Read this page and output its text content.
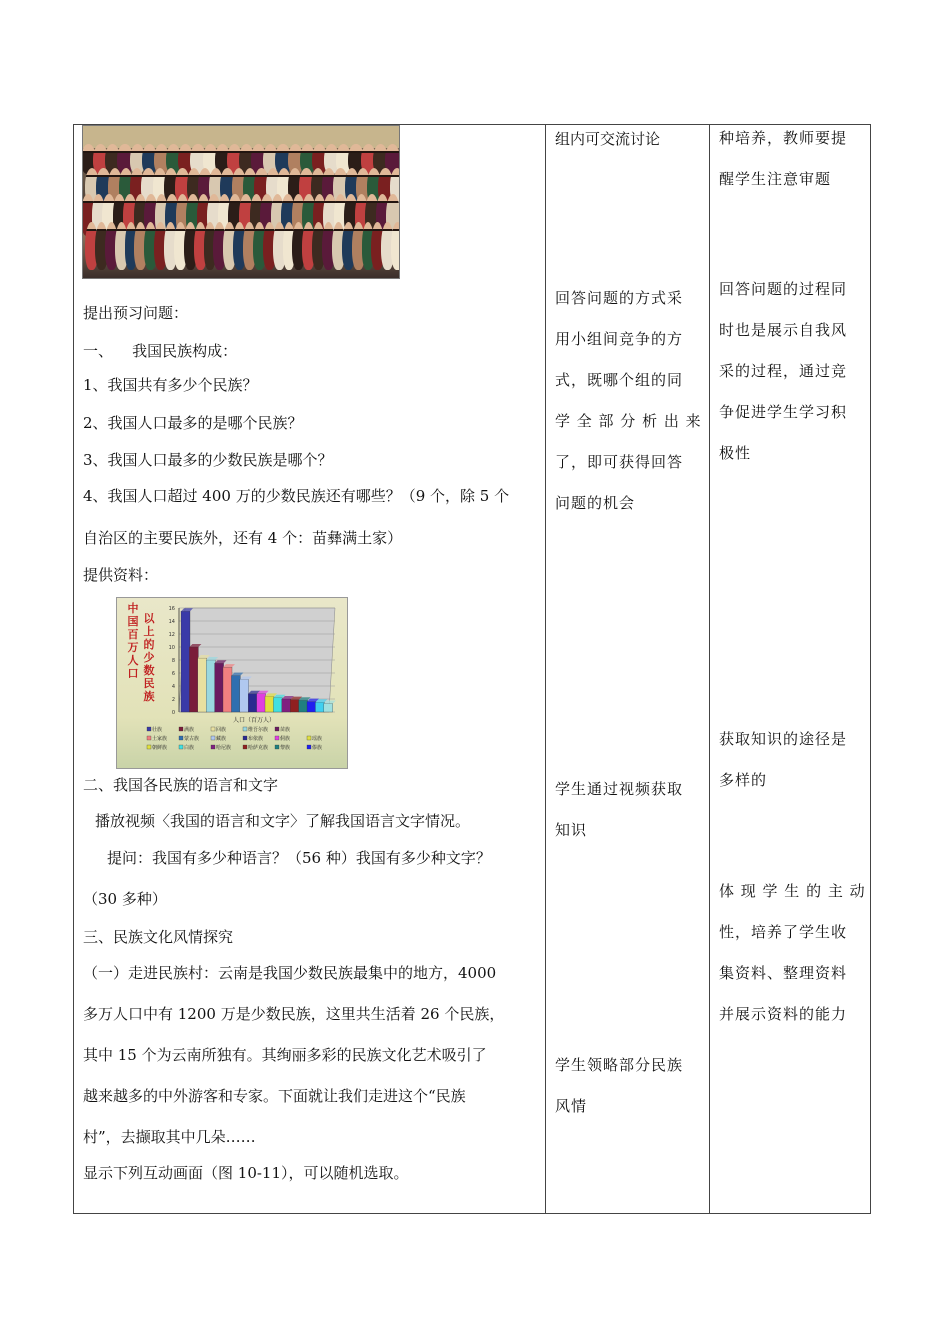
提出预习问题：
一、    我国民族构成：
1、我国共有多少个民族？
2、我国人口最多的是哪个民族？
3、我国人口最多的少数民族是哪个？
4、我国人口超过 400 万的少数民族还有哪些？（9 个，除 5 个
自治区的主要民族外，还有 4 个：苗彝满土家）
提供资料：
中
国
百
万
人
口
以
上
的
少
数
民
族
0
2
4
6
8
10
12
14
16
人口（百万人）
壮族	满族	回族	维吾尔族 苗族
土家族	蒙古族	藏族	布依族	侗族	瑶族
朝鲜族	白族	哈尼族	哈萨克族 黎族	傣族
二、我国各民族的语言和文字
播放视频〈我国的语言和文字〉了解我国语言文字情况。
提问：我国有多少种语言？（56 种）我国有多少种文字？
（30 多种）
三、民族文化风情探究
（一）走进民族村：云南是我国少数民族最集中的地方，4000
多万人口中有 1200 万是少数民族，这里共生活着 26 个民族，
其中 15 个为云南所独有。其绚丽多彩的民族文化艺术吸引了
越来越多的中外游客和专家。下面就让我们走进这个“民族
村”，去撷取其中几朵……
显示下列互动画面（图 10-11），可以随机选取。

组内可交流讨论
回答问题的方式采
用小组间竞争的方
式，既哪个组的同
学 全 部 分 析 出 来
了，即可获得回答
问题的机会
学生通过视频获取
知识
学生领略部分民族
风情

种培养，教师要提
醒学生注意审题
回答问题的过程同
时也是展示自我风
采的过程，通过竞
争促进学生学习积
极性
获取知识的途径是
多样的
体 现 学 生 的 主 动
性，培养了学生收
集资料、整理资料
并展示资料的能力
